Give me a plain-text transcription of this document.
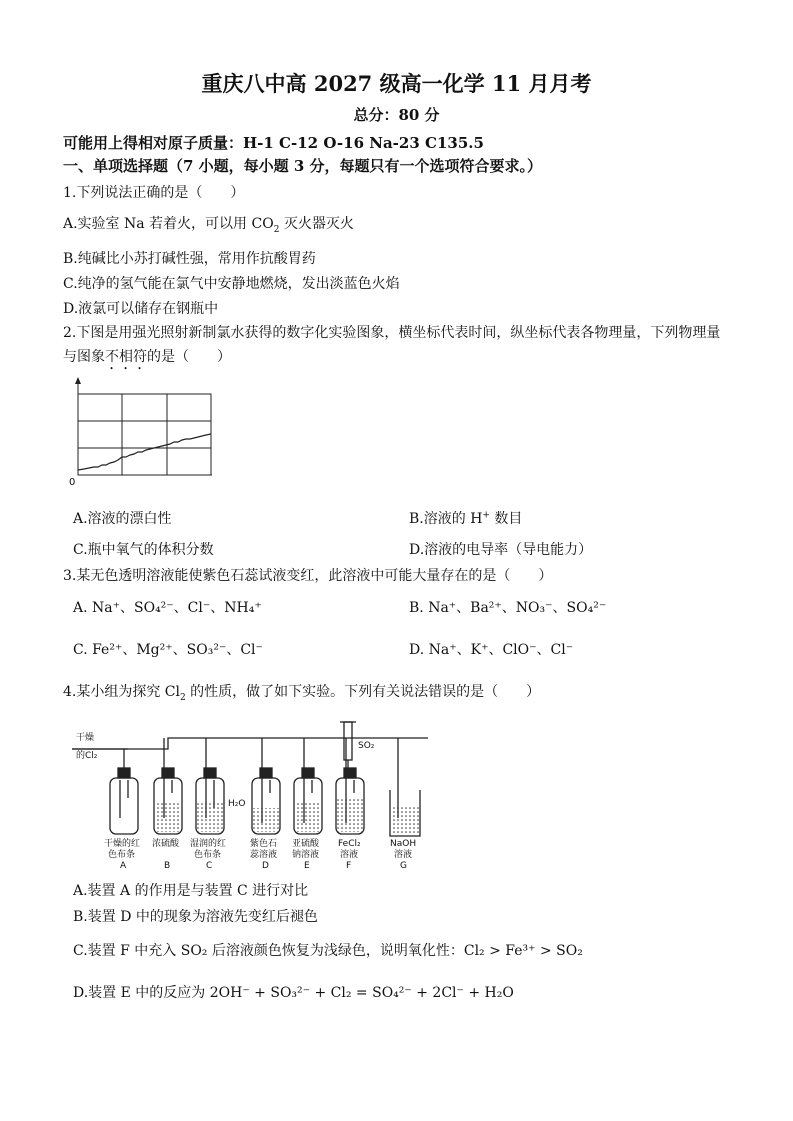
重庆八中高 2027 级高一化学 11 月月考
总分：80 分
可能用上得相对原子质量：H-1 C-12 O-16 Na-23 C135.5
一、单项选择题（7 小题，每小题 3 分，每题只有一个选项符合要求。）
1.下列说法正确的是（　　）
A.实验室 Na 若着火，可以用 $CO_2$ 灭火器灭火
B.纯碱比小苏打碱性强，常用作抗酸胃药
C.纯净的氢气能在氯气中安静地燃烧，发出淡蓝色火焰
D.液氯可以储存在钢瓶中
2.下图是用强光照射新制氯水获得的数字化实验图象，横坐标代表时间，纵坐标代表各物理量，下列物理量
与图象不相符的是（　　）
0
A.溶液的漂白性	B.溶液的 H+ 数目
C.瓶中氧气的体积分数	D.溶液的电导率（导电能力）
3.某无色透明溶液能使紫色石蕊试液变红，此溶液中可能大量存在的是（　　）
A. Na⁺、SO₄²⁻、Cl⁻、NH₄⁺	B. Na⁺、Ba²⁺、NO₃⁻、SO₄²⁻
C. Fe²⁺、Mg²⁺、SO₃²⁻、Cl⁻	D. Na⁺、K⁺、ClO⁻、Cl⁻
4.某小组为探究 $Cl_2$ 的性质，做了如下实验。下列有关说法错误的是（　　）
干燥
的Cl₂
SO₂
H₂O
干燥的红
色布条
A
浓硫酸
B
湿润的红
色布条
C
紫色石
蕊溶液
D
亚硫酸
钠溶液
E
FeCl₂
溶液
F
NaOH
溶液
G
A.装置 A 的作用是与装置 C 进行对比
B.装置 D 中的现象为溶液先变红后褪色
C.装置 F 中充入 SO₂ 后溶液颜色恢复为浅绿色，说明氧化性：Cl₂ > Fe³⁺ > SO₂
D.装置 E 中的反应为 2OH⁻ + SO₃²⁻ + Cl₂ = SO₄²⁻ + 2Cl⁻ + H₂O
